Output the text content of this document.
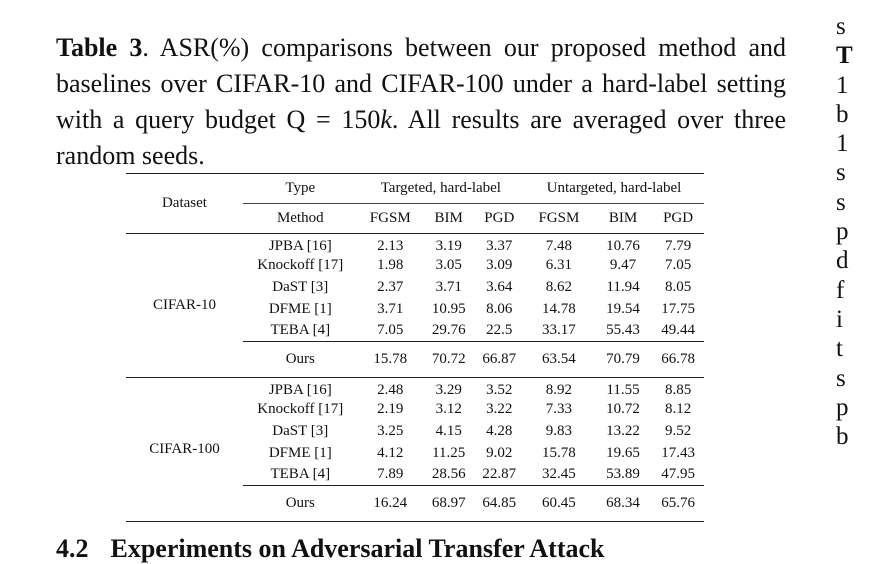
Table 3. ASR(%) comparisons between our proposed method and baselines over CIFAR-10 and CIFAR-100 under a hard-label setting with a query budget Q = 150k. All results are averaged over three random seeds.
s
T
1
b
1
s
s
p
d
f
i
t
s
p
b
Dataset	Type	Targeted, hard-label			Untargeted, hard-label		
	Method	FGSM	BIM	PGD	FGSM	BIM	PGD
CIFAR-10	JPBA [16]	2.13	3.19	3.37	7.48	10.76	7.79
	Knockoff [17]	1.98	3.05	3.09	6.31	9.47	7.05
	DaST [3]	2.37	3.71	3.64	8.62	11.94	8.05
	DFME [1]	3.71	10.95	8.06	14.78	19.54	17.75
	TEBA [4]	7.05	29.76	22.5	33.17	55.43	49.44
	Ours	15.78	70.72	66.87	63.54	70.79	66.78
CIFAR-100	JPBA [16]	2.48	3.29	3.52	8.92	11.55	8.85
	Knockoff [17]	2.19	3.12	3.22	7.33	10.72	8.12
	DaST [3]	3.25	4.15	4.28	9.83	13.22	9.52
	DFME [1]	4.12	11.25	9.02	15.78	19.65	17.43
	TEBA [4]	7.89	28.56	22.87	32.45	53.89	47.95
	Ours	16.24	68.97	64.85	60.45	68.34	65.76
4.2 Experiments on Adversarial Transfer Attack
